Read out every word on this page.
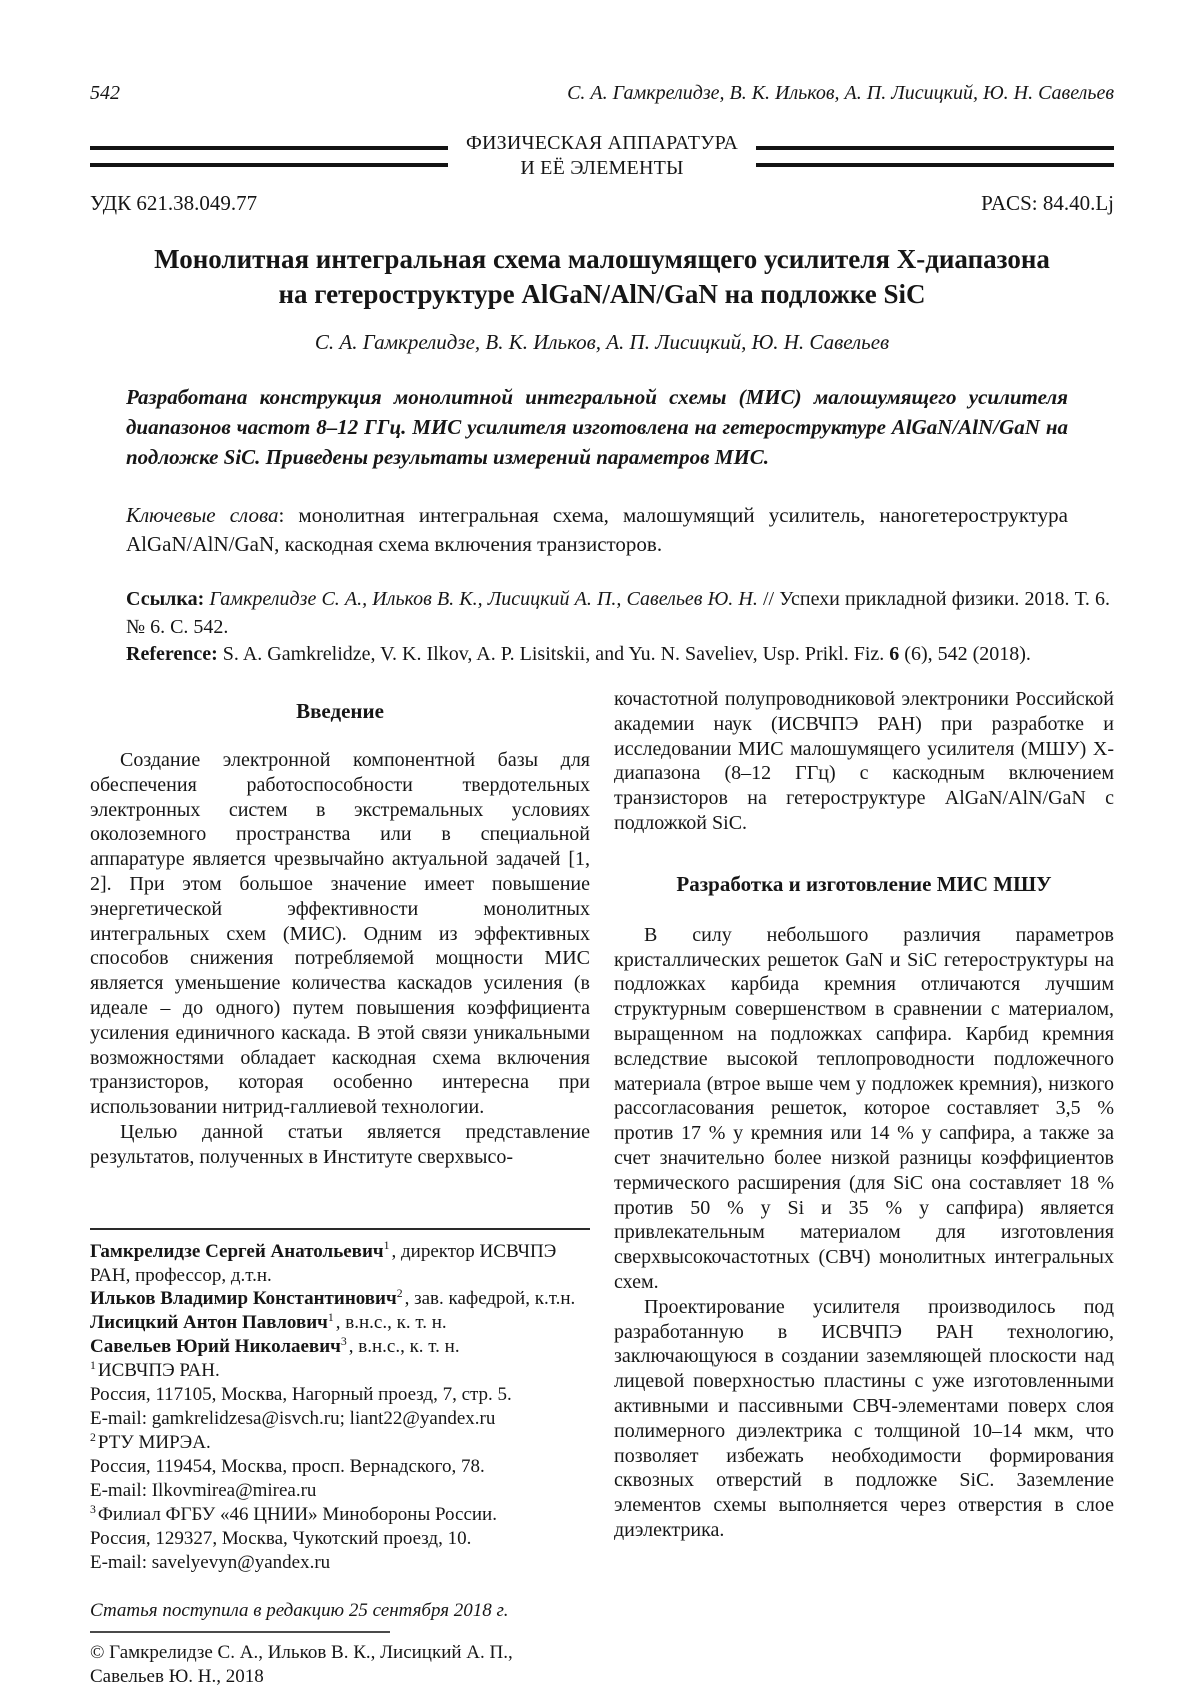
542	С. А. Гамкрелидзе, В. К. Ильков, А. П. Лисицкий, Ю. Н. Савельев
ФИЗИЧЕСКАЯ АППАРАТУРА
И ЕЁ ЭЛЕМЕНТЫ
УДК 621.38.049.77	PACS: 84.40.Lj
Монолитная интегральная схема малошумящего усилителя X-диапазона
на гетероструктуре AlGaN/AlN/GaN на подложке SiC
С. А. Гамкрелидзе, В. К. Ильков, А. П. Лисицкий, Ю. Н. Савельев
Разработана конструкция монолитной интегральной схемы (МИС) малошумящего усилителя диапазонов частот 8–12 ГГц. МИС усилителя изготовлена на гетероструктуре AlGaN/AlN/GaN на подложке SiC. Приведены результаты измерений параметров МИС.
Ключевые слова: монолитная интегральная схема, малошумящий усилитель, наногетероструктура AlGaN/AlN/GaN, каскодная схема включения транзисторов.
Ссылка: Гамкрелидзе С. А., Ильков В. К., Лисицкий А. П., Савельев Ю. Н. // Успехи прикладной физики. 2018. Т. 6. № 6. С. 542.
Reference: S. A. Gamkrelidze, V. K. Ilkov, A. P. Lisitskii, and Yu. N. Saveliev, Usp. Prikl. Fiz. 6 (6), 542 (2018).
Введение

Создание электронной компонентной базы для обеспечения работоспособности твердотельных электронных систем в экстремальных условиях околоземного пространства или в специальной аппаратуре является чрезвычайно актуальной задачей [1, 2]. При этом большое значение имеет повышение энергетической эффективности монолитных интегральных схем (МИС). Одним из эффективных способов снижения потребляемой мощности МИС является уменьшение количества каскадов усиления (в идеале – до одного) путем повышения коэффициента усиления единичного каскада. В этой связи уникальными возможностями обладает каскодная схема включения транзисторов, которая особенно интересна при использовании нитрид-галлиевой технологии.

Целью данной статьи является представление результатов, полученных в Институте сверхвысо-

Гамкрелидзе Сергей Анатольевич$^1$ , директор ИСВЧПЭ РАН, профессор, д.т.н.
Ильков Владимир Константинович$^2$ , зав. кафедрой, к.т.н.
Лисицкий Антон Павлович$^1$ , в.н.с., к. т. н.
Савельев Юрий Николаевич$^3$ , в.н.с., к. т. н.
$^1$ ИСВЧПЭ РАН.
Россия, 117105, Москва, Нагорный проезд, 7, стр. 5.
E-mail: gamkrelidzesa@isvch.ru; liant22@yandex.ru
$^2$ РТУ МИРЭА.
Россия, 119454, Москва, просп. Вернадского, 78.
E-mail: Ilkovmirea@mirea.ru
$^3$ Филиал ФГБУ «46 ЦНИИ» Минобороны России.
Россия, 129327, Москва, Чукотский проезд, 10.
E-mail: savelyevyn@yandex.ru
Статья поступила в редакцию 25 сентября 2018 г.
© Гамкрелидзе С. А., Ильков В. К., Лисицкий А. П., Савельев Ю. Н., 2018

кочастотной полупроводниковой электроники Российской академии наук (ИСВЧПЭ РАН) при разработке и исследовании МИС малошумящего усилителя (МШУ) X-диапазона (8–12 ГГц) с каскодным включением транзисторов на гетероструктуре AlGaN/AlN/GaN с подложкой SiC.

Разработка и изготовление МИС МШУ

В силу небольшого различия параметров кристаллических решеток GaN и SiC гетероструктуры на подложках карбида кремния отличаются лучшим структурным совершенством в сравнении с материалом, выращенном на подложках сапфира. Карбид кремния вследствие высокой теплопроводности подложечного материала (втрое выше чем у подложек кремния), низкого рассогласования решеток, которое составляет 3,5 % против 17 % у кремния или 14 % у сапфира, а также за счет значительно более низкой разницы коэффициентов термического расширения (для SiC она составляет 18 % против 50 % у Si и 35 % у сапфира) является привлекательным материалом для изготовления сверхвысокочастотных (СВЧ) монолитных интегральных схем.

Проектирование усилителя производилось под разработанную в ИСВЧПЭ РАН технологию, заключающуюся в создании заземляющей плоскости над лицевой поверхностью пластины с уже изготовленными активными и пассивными СВЧ-элементами поверх слоя полимерного диэлектрика с толщиной 10–14 мкм, что позволяет избежать необходимости формирования сквозных отверстий в подложке SiC. Заземление элементов схемы выполняется через отверстия в слое диэлектрика.
